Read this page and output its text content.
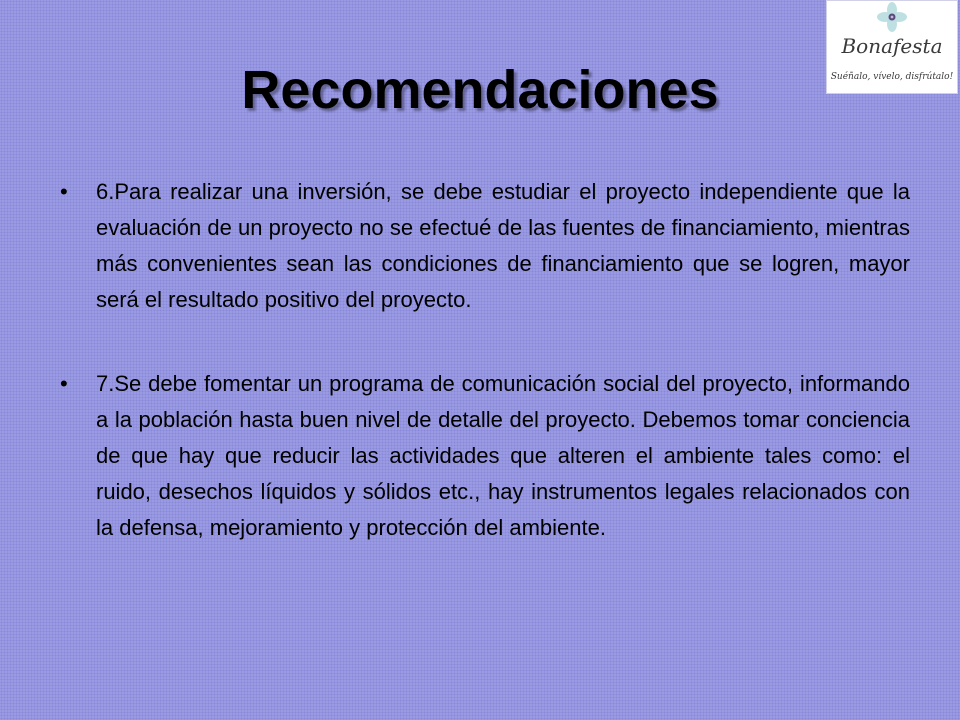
Recomendaciones
Bonafesta
Suéñalo, vívelo, disfrútalo!

•	6.Para realizar una inversión, se debe estudiar el proyecto independiente que la evaluación de un proyecto no se efectué de las fuentes de financiamiento, mientras más convenientes sean las condiciones de financiamiento que se logren, mayor será el resultado positivo del proyecto.

•	7.Se debe fomentar un programa de comunicación social del proyecto, informando a la población hasta buen nivel de detalle del proyecto. Debemos tomar conciencia de que hay que reducir las actividades que alteren el ambiente tales como: el ruido, desechos líquidos y sólidos etc., hay instrumentos legales relacionados con la defensa, mejoramiento y protección del ambiente.
